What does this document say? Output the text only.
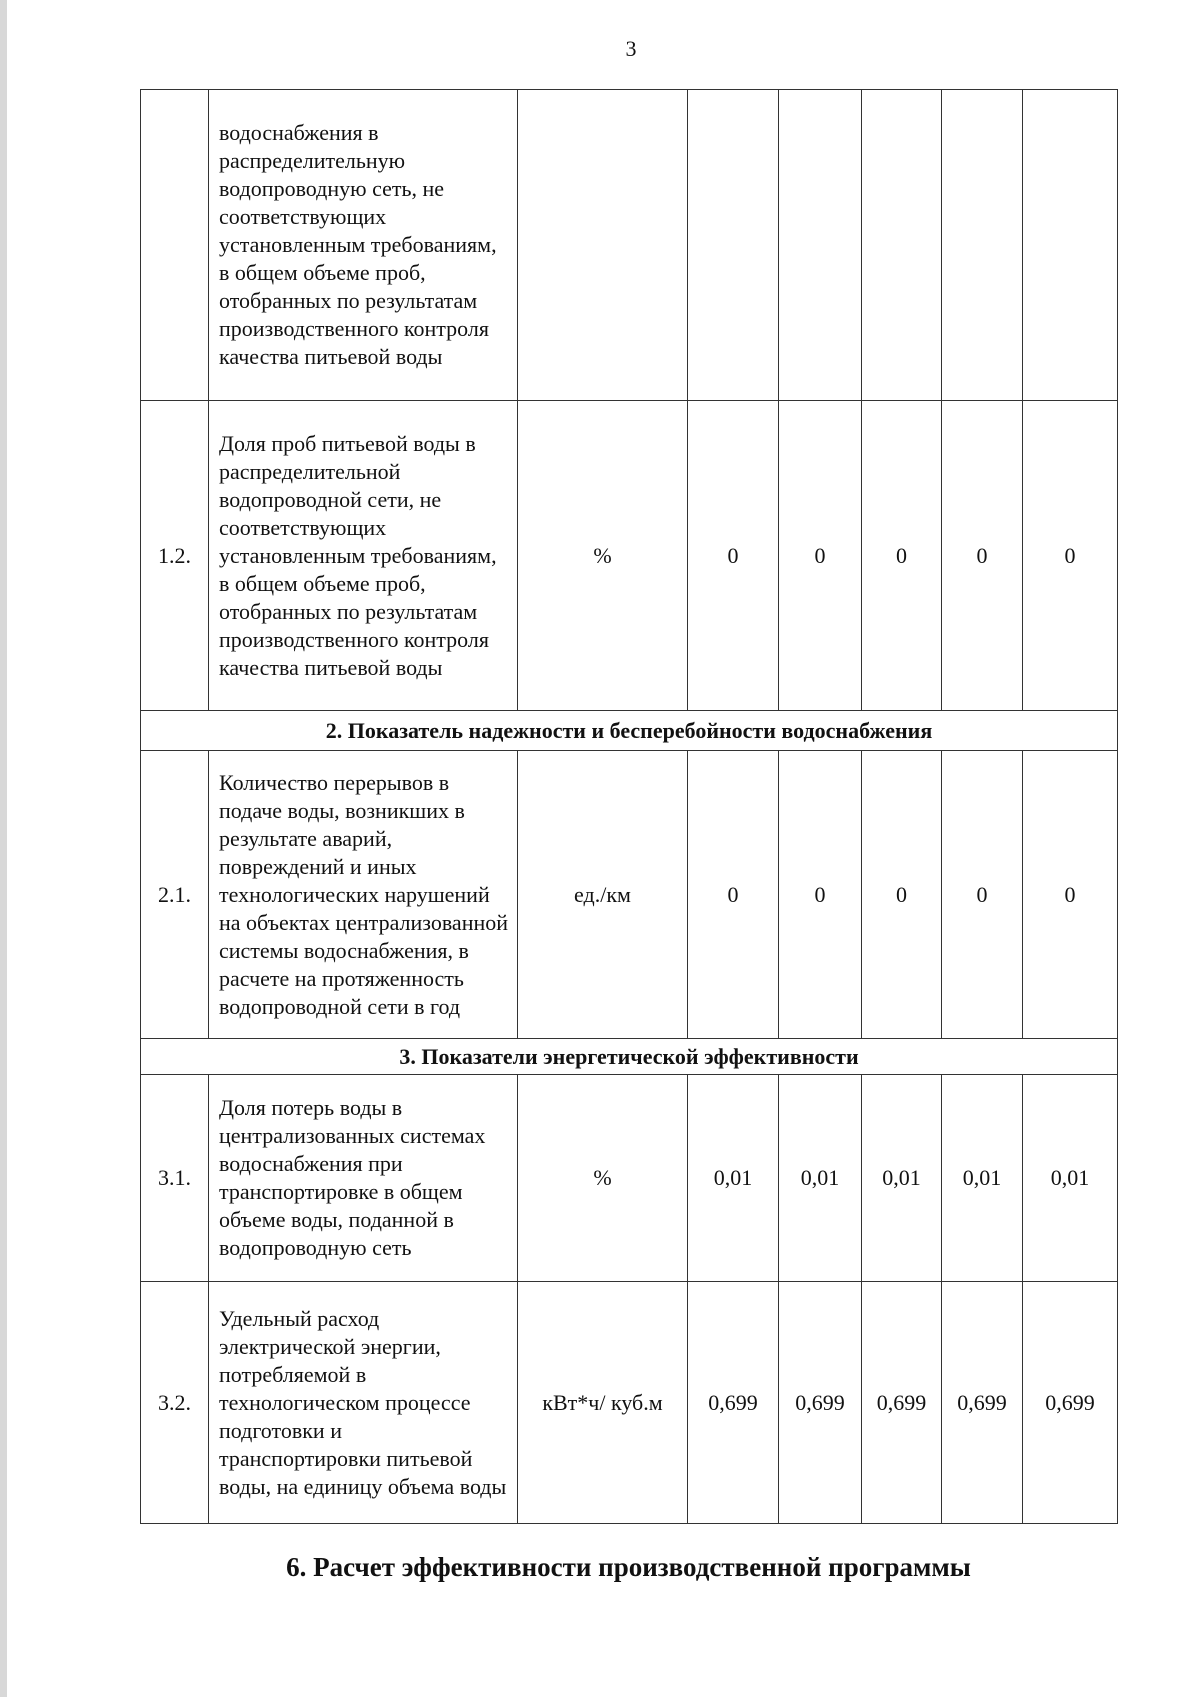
3
	водоснабжения в распределительную водопроводную сеть, не соответствующих установленным требованиям, в общем объеме проб, отобранных по результатам производственного контроля качества питьевой воды						
1.2.	Доля проб питьевой воды в распределительной водопроводной сети, не соответствующих установленным требованиям, в общем объеме проб, отобранных по результатам производственного контроля качества питьевой воды	%	0	0	0	0	0
2. Показатель надежности и бесперебойности водоснабжения							
2.1.	Количество перерывов в подаче воды, возникших в результате аварий, повреждений и иных технологических нарушений на объектах централизованной системы водоснабжения, в расчете на протяженность водопроводной сети в год	ед./км	0	0	0	0	0
3. Показатели энергетической эффективности							
3.1.	Доля потерь воды в централизованных системах водоснабжения при транспортировке в общем объеме воды, поданной в водопроводную сеть	%	0,01	0,01	0,01	0,01	0,01
3.2.	Удельный расход электрической энергии, потребляемой в технологическом процессе подготовки и транспортировки питьевой воды, на единицу объема воды	кВт*ч/ куб.м	0,699	0,699	0,699	0,699	0,699
6. Расчет эффективности производственной программы
